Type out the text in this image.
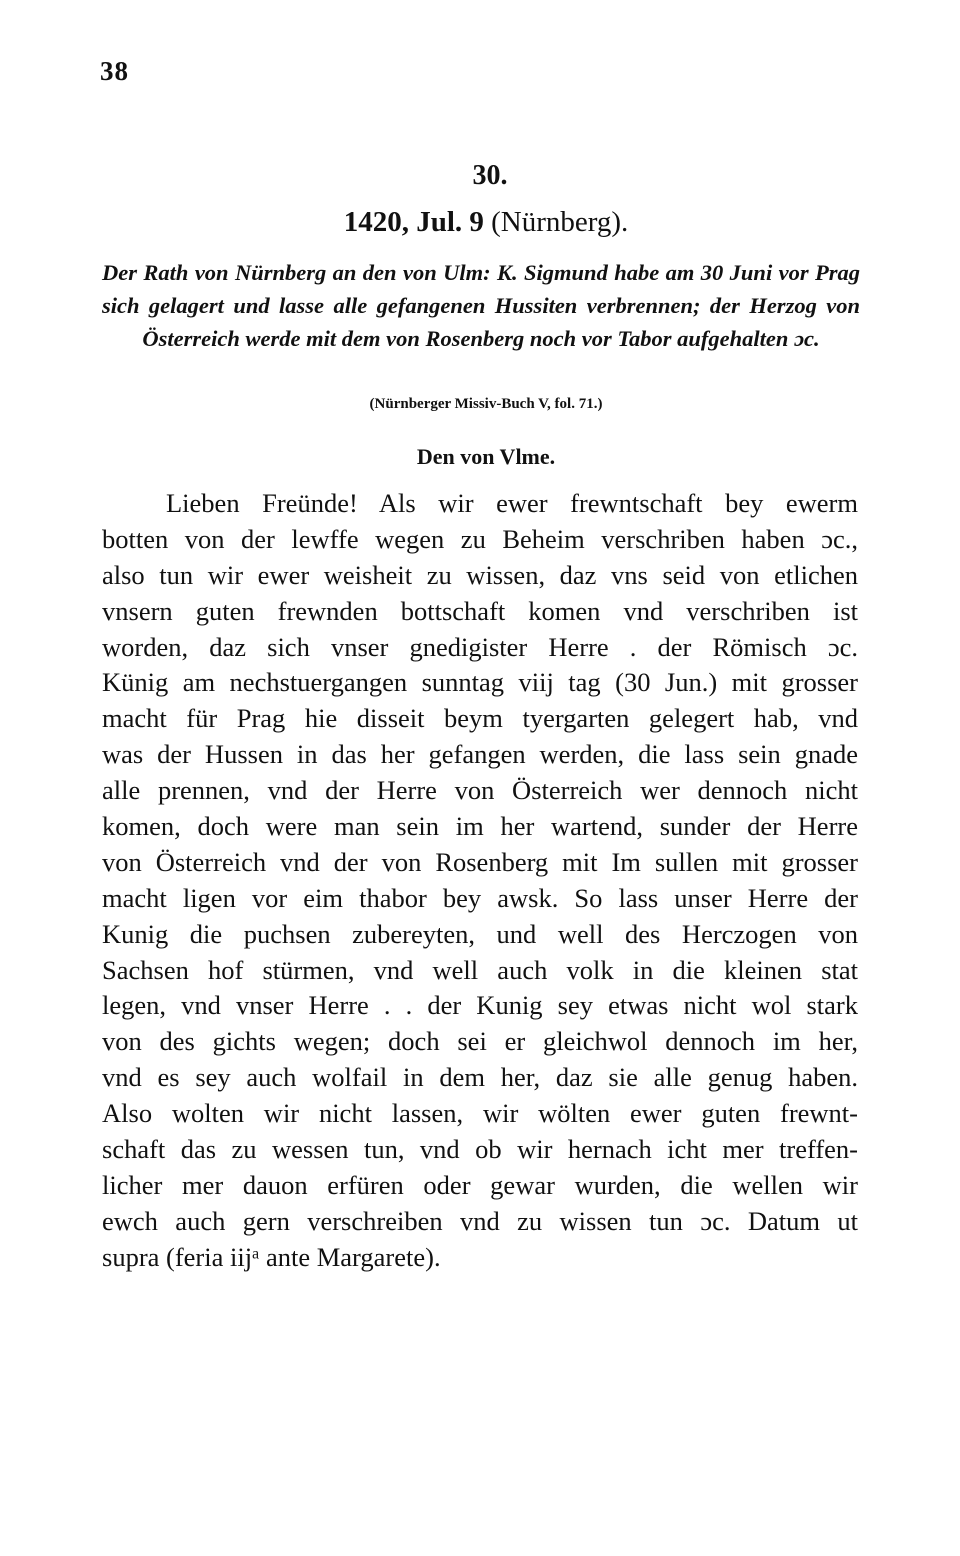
38
30.
1420, Jul. 9 (Nürnberg).
Der Rath von Nürnberg an den von Ulm: K. Sigmund habe am 30 Juni vor Prag sich gelagert und lasse alle gefangenen Hussiten verbrennen; der Herzog von Österreich werde mit dem von Rosenberg noch vor Tabor aufgehalten ɔc.
(Nürnberger Missiv-Buch V, fol. 71.)
Den von Vlme.
Lieben Freünde! Als wir ewer frewntschaft bey ewerm
botten von der lewffe wegen zu Beheim verschriben haben ɔc.,
also tun wir ewer weisheit zu wissen, daz vns seid von etlichen
vnsern guten frewnden bottschaft komen vnd verschriben ist
worden, daz sich vnser gnedigister Herre . der Römisch ɔc.
Künig am nechstuergangen sunntag viij tag (30 Jun.) mit grosser
macht für Prag hie disseit beym tyergarten gelegert hab, vnd
was der Hussen in das her gefangen werden, die lass sein gnade
alle prennen, vnd der Herre von Österreich wer dennoch nicht
komen, doch were man sein im her wartend, sunder der Herre
von Österreich vnd der von Rosenberg mit Im sullen mit grosser
macht ligen vor eim thabor bey awsk. So lass unser Herre der
Kunig die puchsen zubereyten, und well des Herczogen von
Sachsen hof stürmen, vnd well auch volk in die kleinen stat
legen, vnd vnser Herre . . der Kunig sey etwas nicht wol stark
von des gichts wegen; doch sei er gleichwol dennoch im her,
vnd es sey auch wolfail in dem her, daz sie alle genug haben.
Also wolten wir nicht lassen, wir wölten ewer guten frewnt-
schaft das zu wessen tun, vnd ob wir hernach icht mer treffen-
licher mer dauon erfüren oder gewar wurden, die wellen wir
ewch auch gern verschreiben vnd zu wissen tun ɔc. Datum ut
supra (feria iijᵃ ante Margarete).
